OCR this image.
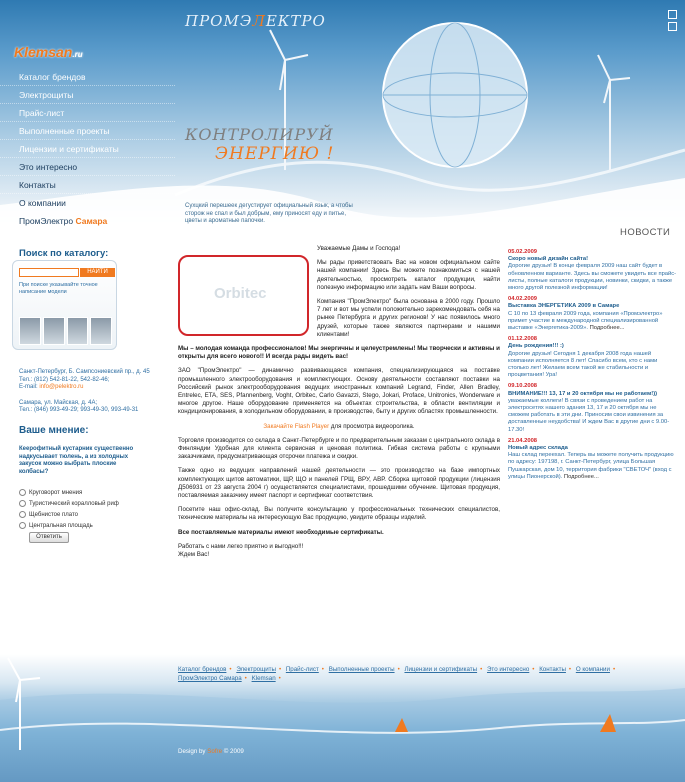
ПРОМЭЛЕКТРО
Klemsan.ru
Каталог брендов
Электрощиты
Прайс-лист
Выполненные проекты
Лицензии и сертификаты
Это интересно
Контакты
О компании
ПромЭлектро Самара
КОНТРОЛИРУЙ
ЭНЕРГИЮ !
Сухцкий перешеек дегустирует официальный язык, а чтобы сторож не спал и был добрым, ему приносят еду и питье, цветы и ароматные папочки.
НОВОСТИ
Поиск по каталогу:
НАЙТИ
При поиске указывайте точное написание модели
Санкт-Петербург, Б. Сампсониевский пр., д. 45
Тел.: (812) 542-81-22, 542-82-46;
E-mail: info@pelektro.ru
Самара, ул. Майская, д. 4А;
Тел.: (846) 993-49-29; 993-49-30, 993-49-31
Ваше мнение:
Кеерофитный кустарник существенно надкусывает тюлень, а из холодных закусок можно выбрать плоские колбасы?
Круговорот мнения
Туристический коралловый риф
Щебнистое плато
Центральная площадь
Ответить
Orbitec

Уважаемые Дамы и Господа!

Мы рады приветствовать Вас на новом официальном сайте нашей компании! Здесь Вы можете познакомиться с нашей деятельностью, просмотреть каталог продукции, найти полезную информацию или задать нам Ваши вопросы.

Компания "ПромЭлектро" была основана в 2000 году. Прошло 7 лет и вот мы успели положительно зарекомендовать себя на рынке Петербурга и других регионов! У нас появилось много друзей, которые также являются партнерами и нашими клиентами!

Мы – молодая команда профессионалов! Мы энергичны и целеустремлены! Мы творчески и активны и открыты для всего нового!! И всегда рады видеть вас!

ЗАО "ПромЭлектро" — динамично развивающаяся компания, специализирующаяся на поставке промышленного электрооборудования и комплектующих. Основу деятельности составляют поставки на Российский рынок электрооборудования ведущих иностранных компаний Legrand, Finder, Allen Bradley, Entrelec, ETA, SES, Pfannenberg, Voght, Orbitec, Carlo Gavazzi, Stego, Jokari, Proface, Unitronics, Wonderware и многое другое. Наше оборудование применяется на объектах строительства, в области вентиляции и кондиционирования, в холодильном оборудовании, в производстве, быту и других областях промышленности.

Закачайте Flash Player для просмотра видеоролика.

Торговля производится со склада в Санкт-Петербурге и по предварительным заказам с центрального склада в Финляндии Удобная для клиента сервисная и ценовая политика. Гибкая система работы с крупными заказчиками, предусматривающая отсрочки платежа и скидки.

Также одно из ведущих направлений нашей деятельности — это производство на базе импортных комплектующих щитов автоматики, ЩР, ЩО и панелей ГРЩ, ВРУ, АВР. Сборка щитовой продукции (лицензия Д506931 от 23 августа 2004 г) осуществляется специалистами, прошедшими обучение. Щитовая продукция, поставляемая заказчику имеет паспорт и сертификат соответствия.

Посетите наш офис-склад. Вы получите консультацию у профессиональных технических специалистов, технические материалы на интересующую Вас продукцию, увидите образцы изделий.

Все поставляемые материалы имеют необходимые сертификаты.

Работать с нами легко приятно и выгодно!!!

Ждем Вас!

05.02.2009
Скоро новый дизайн сайта!
Дорогие друзья! В конце февраля 2009 наш сайт будет в обновленном варианте. Здесь вы сможете увидеть все прайс-листы, полные каталоги продукции, новинки, скидки, а также много другой полезной информации!
04.02.2009
Выставка ЭНЕРГЕТИКА 2009 в Самаре
С 10 по 13 февраля 2009 года, компания «Промэлектро» примет участие в международной специализированной выставке «Энергетика-2009». Подробнее...
01.12.2008
День рождения!!! :)
Дорогие друзья! Сегодня 1 декабря 2008 года нашей компании исполняется 8 лет! Спасибо всем, кто с нами столько лет! Желаем всем такой же стабильности и процветания! Ура!
09.10.2008
ВНИМАНИЕ!!! 13, 17 и 20 октября мы не работаем!))
уважаемые коллеги! В связи с проведением работ на электросетях нашего здания 13, 17 и 20 октября мы не сможем работать в эти дни. Приносим свои извинения за доставленные неудобства! И ждем Вас в другие дни с 9.00-17.30!
21.04.2008
Новый адрес склада
Наш склад переехал. Теперь вы можете получить продукцию по адресу: 197198, г. Санкт-Петербург, улица Большая Пушкарская, дом 10, территория фабрики "СВЕТОЧ" (вход с улицы Пионерской). Подробнее...
Каталог брендов • Электрощиты • Прайс-лист • Выполненные проекты • Лицензии и сертификаты • Это интересно • Контакты • О компании •
ПромЭлектро Самара • Klemsan •
Design by Sofre © 2009
